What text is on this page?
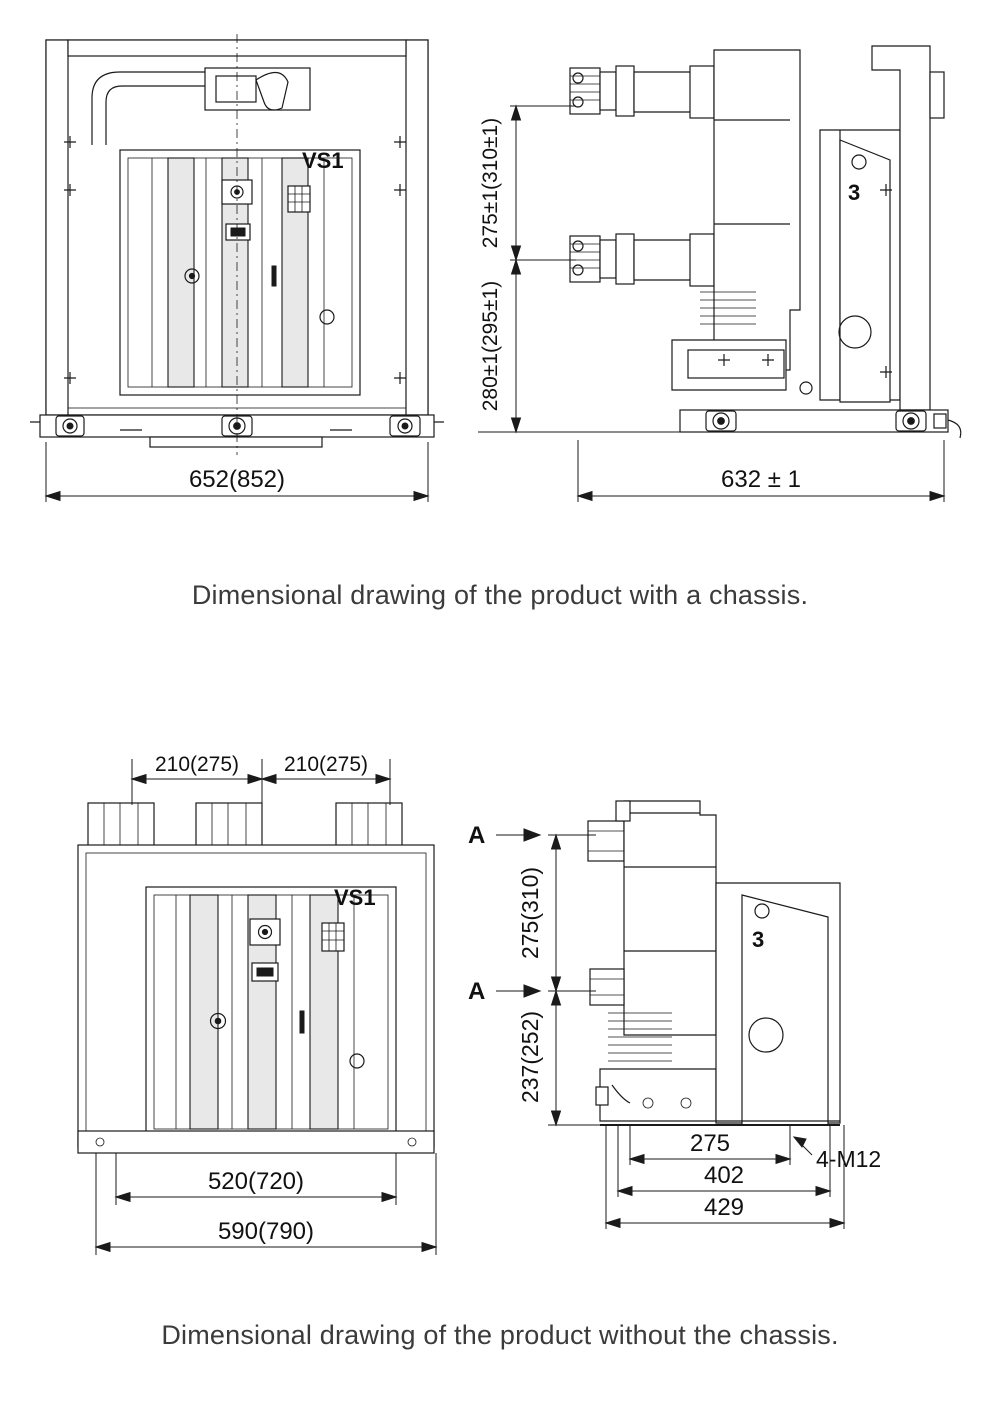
VS1
652(852)
3
275±1(310±1)
280±1(295±1)
632 ± 1
Dimensional drawing of the product with a chassis.
VS1
210(275) 210(275)
520(720)
590(790)
A
A
3
4-M12
275(310)
237(252)
275
402
429
Dimensional drawing of the product without the chassis.
